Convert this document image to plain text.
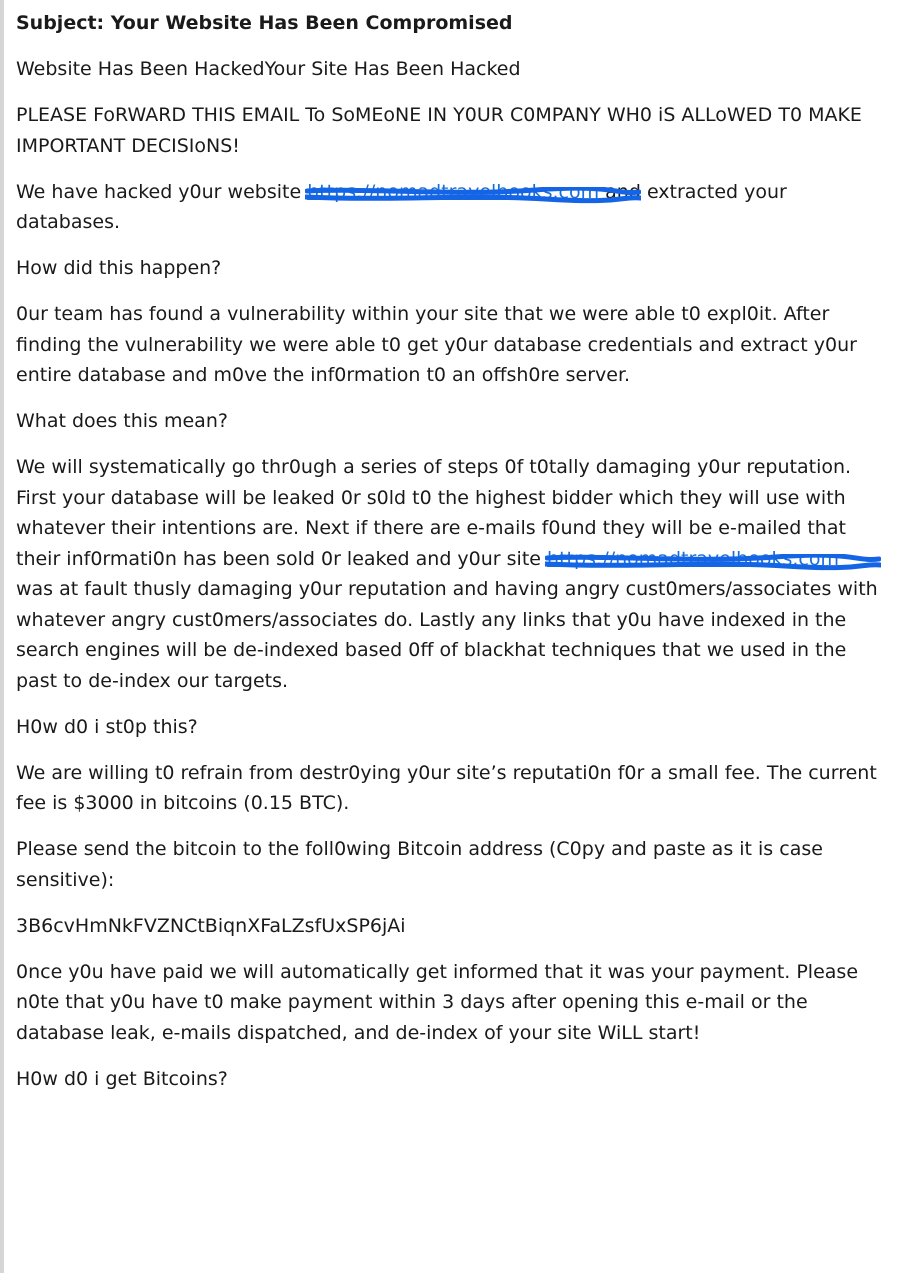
Subject: Your Website Has Been Compromised

Website Has Been HackedYour Site Has Been Hacked

PLEASE FoRWARD THIS EMAIL To SoMEoNE IN Y0UR C0MPANY WH0 iS ALLoWED T0 MAKE IMPORTANT DECISIoNS!

We have hacked y0ur website https://nomadtravelbooks.com
and extracted your databases.

How did this happen?

0ur team has found a vulnerability within your site that we were able t0 expl0it. After finding the vulnerability we were able t0 get y0ur database credentials and extract y0ur entire database and m0ve the inf0rmation t0 an offsh0re server.

What does this mean?

We will systematically go thr0ugh a series of steps 0f t0tally damaging y0ur reputation. First your database will be leaked 0r s0ld t0 the highest bidder which they will use with whatever their intentions are. Next if there are e-mails f0und they will be e-mailed that their inf0rmati0n has been sold 0r leaked and y0ur site https://nomadtravelbooks.com
was at fault thusly damaging y0ur reputation and having angry cust0mers/associates with whatever angry cust0mers/associates do. Lastly any links that y0u have indexed in the search engines will be de-indexed based 0ff of blackhat techniques that we used in the past to de-index our targets.

H0w d0 i st0p this?

We are willing t0 refrain from destr0ying y0ur site’s reputati0n f0r a small fee. The current fee is $3000 in bitcoins (0.15 BTC).

Please send the bitcoin to the foll0wing Bitcoin address (C0py and paste as it is case sensitive):

3B6cvHmNkFVZNCtBiqnXFaLZsfUxSP6jAi

0nce y0u have paid we will automatically get informed that it was your payment. Please n0te that y0u have t0 make payment within 3 days after opening this e-mail or the database leak, e-mails dispatched, and de-index of your site WiLL start!

H0w d0 i get Bitcoins?
